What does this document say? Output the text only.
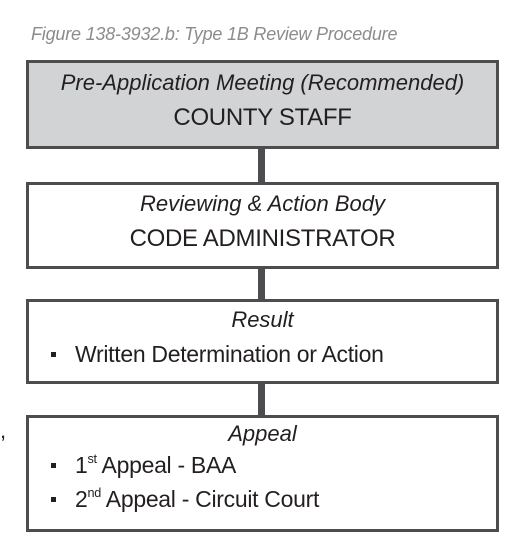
Figure 138-3932.b: Type 1B Review Procedure
,
Pre-Application Meeting (Recommended)
COUNTY STAFF
Reviewing & Action Body
CODE ADMINISTRATOR
Result
Written Determination or Action
Appeal
1st Appeal - BAA
2nd Appeal - Circuit Court
